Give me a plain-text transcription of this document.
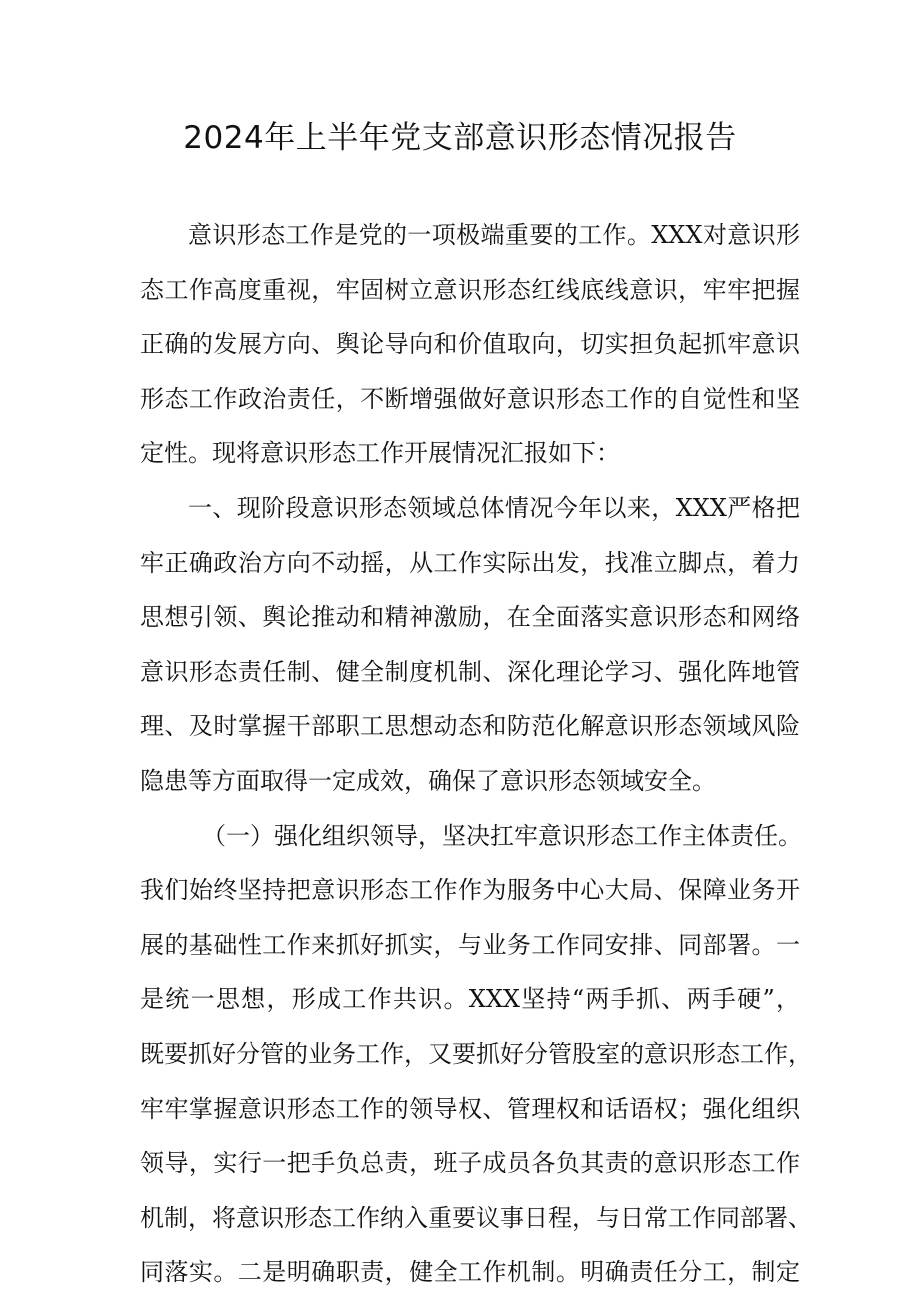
2024年上半年党支部意识形态情况报告
意识形态工作是党的一项极端重要的工作。XXX对意识形
态工作高度重视，牢固树立意识形态红线底线意识，牢牢把握
正确的发展方向、舆论导向和价值取向，切实担负起抓牢意识
形态工作政治责任，不断增强做好意识形态工作的自觉性和坚
定性。现将意识形态工作开展情况汇报如下：
一、现阶段意识形态领域总体情况今年以来，XXX严格把
牢正确政治方向不动摇，从工作实际出发，找准立脚点，着力
思想引领、舆论推动和精神激励，在全面落实意识形态和网络
意识形态责任制、健全制度机制、深化理论学习、强化阵地管
理、及时掌握干部职工思想动态和防范化解意识形态领域风险
隐患等方面取得一定成效，确保了意识形态领域安全。
（一）强化组织领导，坚决扛牢意识形态工作主体责任。
我们始终坚持把意识形态工作作为服务中心大局、保障业务开
展的基础性工作来抓好抓实，与业务工作同安排、同部署。一
是统一思想，形成工作共识。XXX坚持“两手抓、两手硬”，
既要抓好分管的业务工作，又要抓好分管股室的意识形态工作，
牢牢掌握意识形态工作的领导权、管理权和话语权；强化组织
领导，实行一把手负总责，班子成员各负其责的意识形态工作
机制，将意识形态工作纳入重要议事日程，与日常工作同部署、
同落实。二是明确职责，健全工作机制。明确责任分工，制定
